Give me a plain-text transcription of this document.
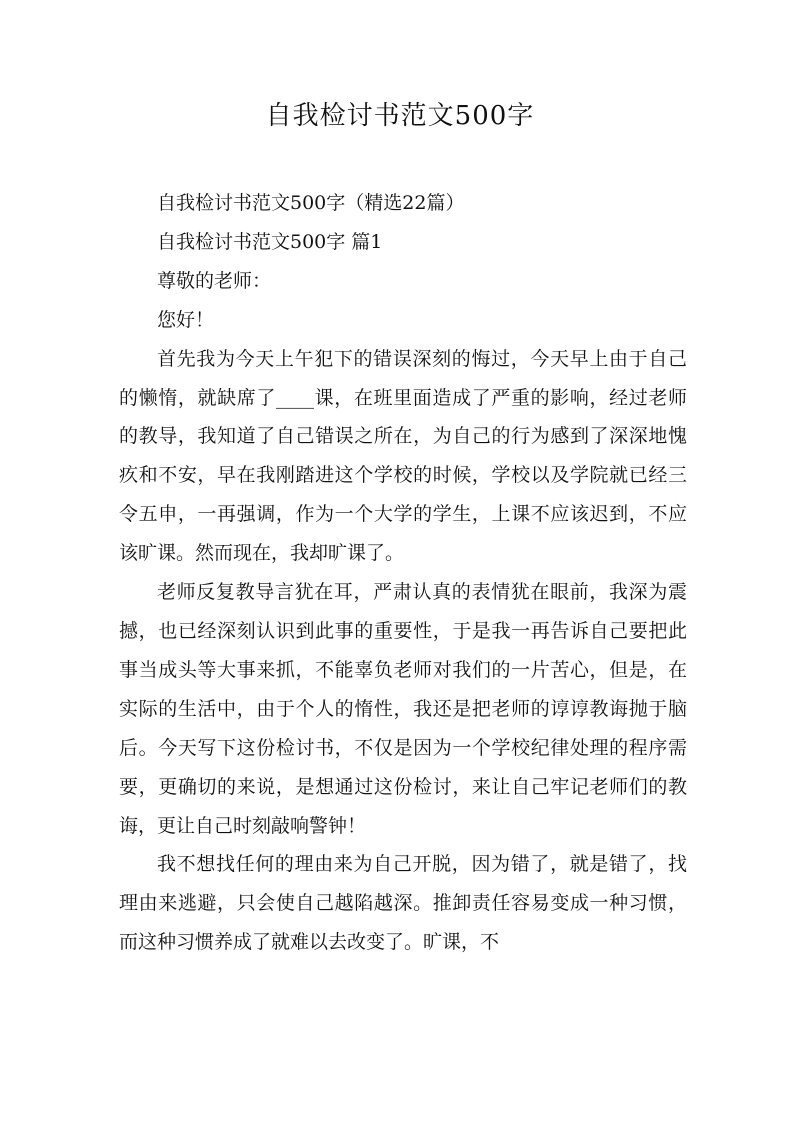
自我检讨书范文500字

自我检讨书范文500字（精选22篇）

自我检讨书范文500字 篇1

尊敬的老师：

您好！

首先我为今天上午犯下的错误深刻的悔过，今天早上由于自己的懒惰，就缺席了____课，在班里面造成了严重的影响，经过老师的教导，我知道了自己错误之所在，为自己的行为感到了深深地愧疚和不安，早在我刚踏进这个学校的时候，学校以及学院就已经三令五申，一再强调，作为一个大学的学生，上课不应该迟到，不应该旷课。然而现在，我却旷课了。

老师反复教导言犹在耳，严肃认真的表情犹在眼前，我深为震撼，也已经深刻认识到此事的重要性，于是我一再告诉自己要把此事当成头等大事来抓，不能辜负老师对我们的一片苦心，但是，在实际的生活中，由于个人的惰性，我还是把老师的谆谆教诲抛于脑后。今天写下这份检讨书，不仅是因为一个学校纪律处理的程序需要，更确切的来说，是想通过这份检讨，来让自己牢记老师们的教诲，更让自己时刻敲响警钟！

我不想找任何的理由来为自己开脱，因为错了，就是错了，找理由来逃避，只会使自己越陷越深。推卸责任容易变成一种习惯，而这种习惯养成了就难以去改变了。旷课，不
